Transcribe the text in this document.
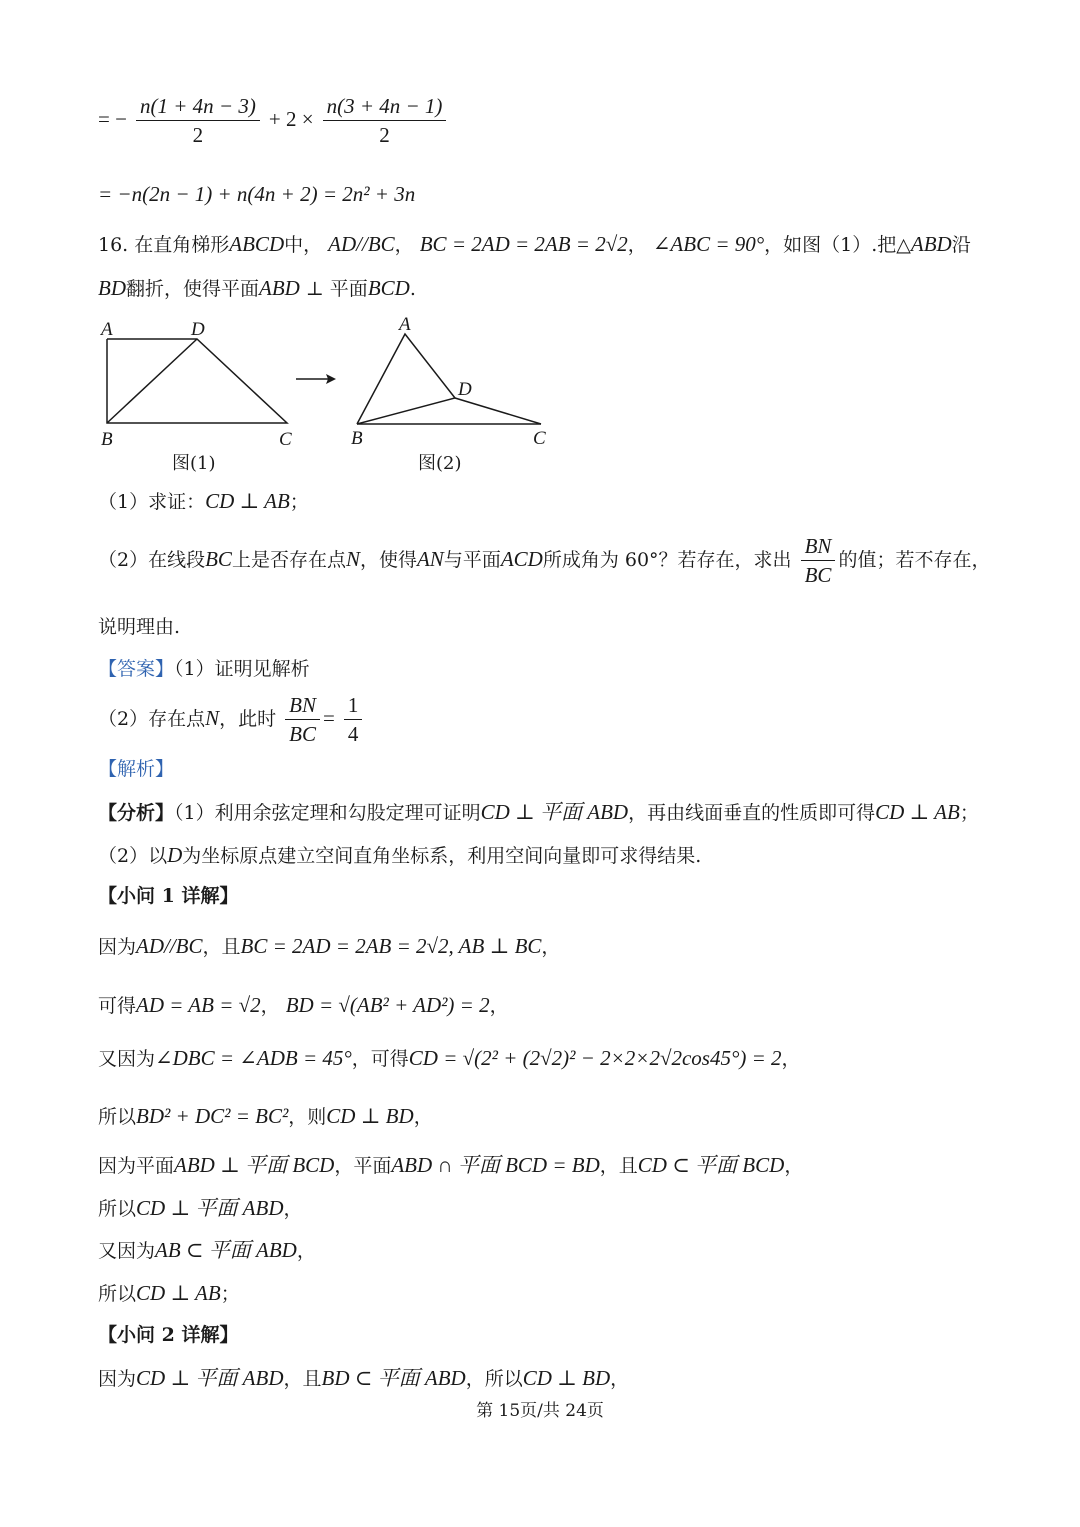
= − $\frac{n(1 + 4n - 3)}{2} + 2 \times \frac{n(3 + 4n - 1)}{2}$
= −n(2n − 1) + n(4n + 2) = 2n² + 3n
16. 在直角梯形ABCD中， AD//BC， BC = 2AD = 2AB = 2√2， ∠ABC = 90°，如图（1）.把△ABD沿
BD翻折，使得平面ABD ⊥ 平面BCD.
A	D
B	C
图(1)
A
D
B	C
图(2)
（1）求证：CD ⊥ AB；
（2）在线段BC上是否存在点N，使得AN与平面ACD所成角为 60°？若存在，求出 $\frac{BN}{BC}$ 的值；若不存在，
说明理由.
【答案】（1）证明见解析
（2）存在点N，此时 $\frac{BN}{BC} = \frac{1}{4}$
【解析】
【分析】（1）利用余弦定理和勾股定理可证明CD ⊥ 平面 ABD，再由线面垂直的性质即可得CD ⊥ AB；
（2）以D为坐标原点建立空间直角坐标系，利用空间向量即可求得结果.
【小问 1 详解】
因为AD//BC，且BC = 2AD = 2AB = 2√2, AB ⊥ BC，
可得AD = AB = √2， BD = √(AB² + AD²) = 2，
又因为∠DBC = ∠ADB = 45°，可得CD = √(2² + (2√2)² − 2×2×2√2cos45°) = 2，
所以BD² + DC² = BC²，则CD ⊥ BD，
因为平面ABD ⊥ 平面 BCD，平面ABD ∩ 平面 BCD = BD，且CD ⊂ 平面 BCD，
所以CD ⊥ 平面 ABD，
又因为AB ⊂ 平面 ABD，
所以CD ⊥ AB；
【小问 2 详解】
因为CD ⊥ 平面 ABD，且BD ⊂ 平面 ABD，所以CD ⊥ BD，
第 15页/共 24页
